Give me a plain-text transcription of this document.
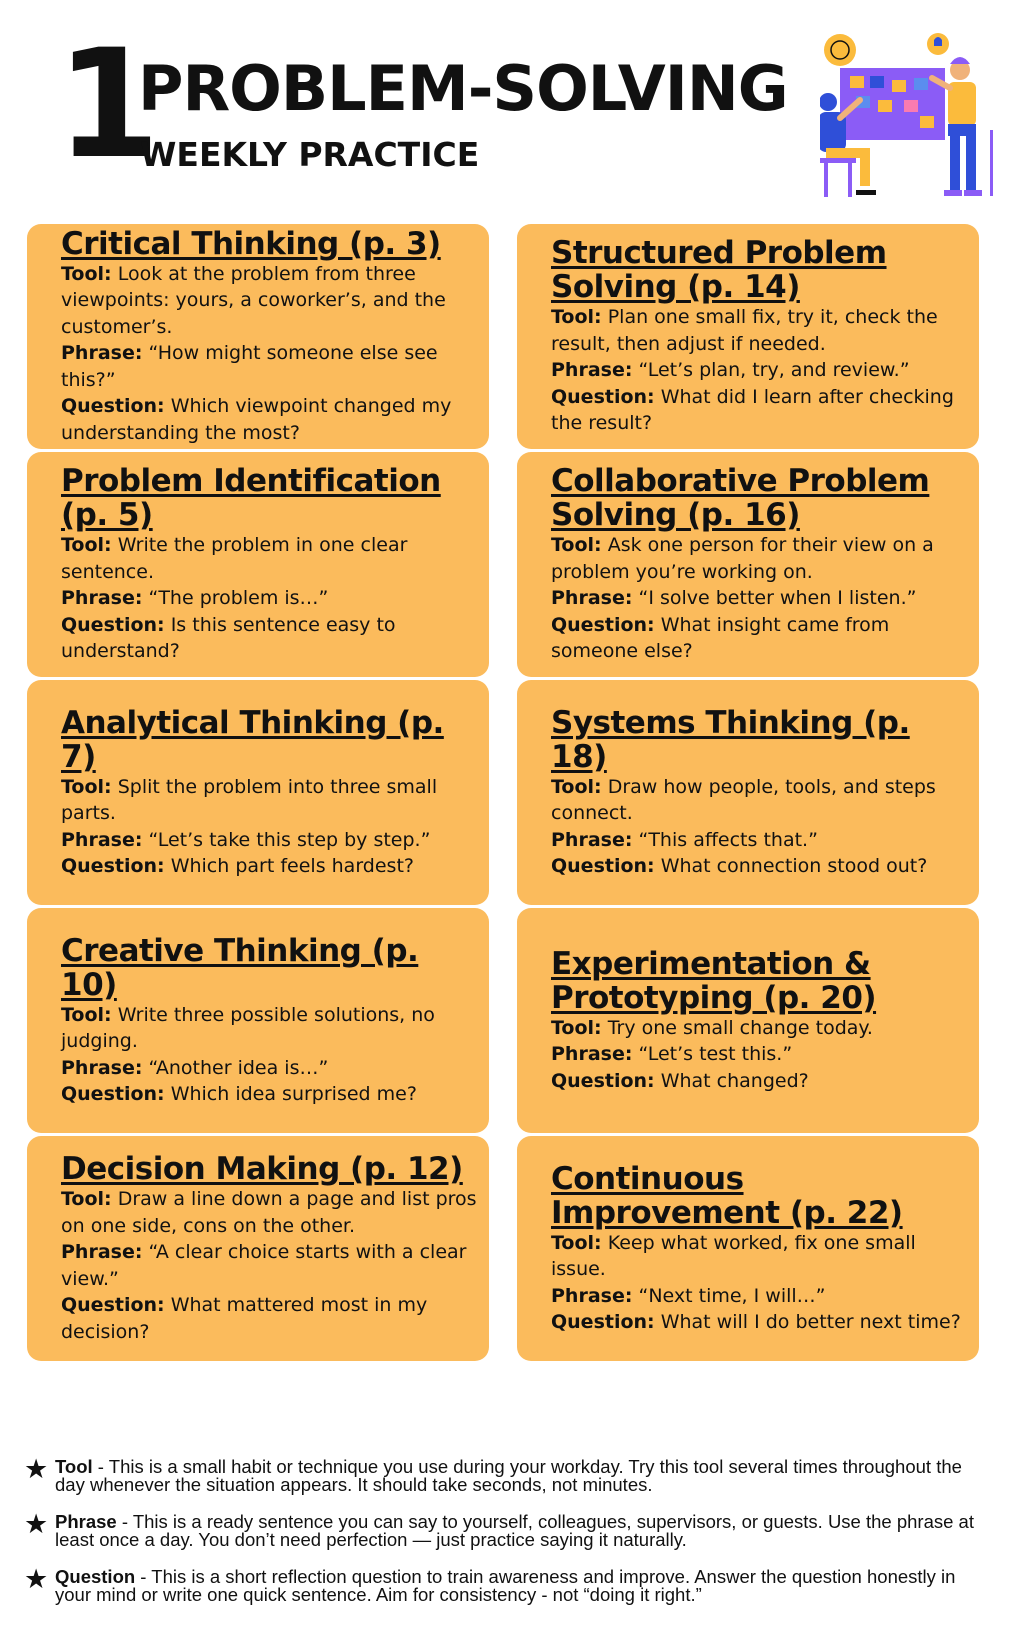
1
PROBLEM-SOLVING
WEEKLY PRACTICE
Critical Thinking (p. 3)
Tool: Look at the problem from three viewpoints: yours, a coworker’s, and the customer’s.
Phrase: “How might someone else see this?”
Question: Which viewpoint changed my understanding the most?
Structured Problem Solving (p. 14)
Tool: Plan one small fix, try it, check the result, then adjust if needed.
Phrase: “Let’s plan, try, and review.”
Question: What did I learn after checking the result?
Problem Identification (p. 5)
Tool: Write the problem in one clear sentence.
Phrase: “The problem is…”
Question: Is this sentence easy to understand?
Collaborative Problem Solving (p. 16)
Tool: Ask one person for their view on a problem you’re working on.
Phrase: “I solve better when I listen.”
Question: What insight came from someone else?
Analytical Thinking (p. 7)
Tool: Split the problem into three small parts.
Phrase: “Let’s take this step by step.”
Question: Which part feels hardest?
Systems Thinking (p. 18)
Tool: Draw how people, tools, and steps connect.
Phrase: “This affects that.”
Question: What connection stood out?
Creative Thinking (p. 10)
Tool: Write three possible solutions, no judging.
Phrase: “Another idea is…”
Question: Which idea surprised me?
Experimentation & Prototyping (p. 20)
Tool: Try one small change today.
Phrase: “Let’s test this.”
Question: What changed?
Decision Making (p. 12)
Tool: Draw a line down a page and list pros on one side, cons on the other.
Phrase: “A clear choice starts with a clear view.”
Question: What mattered most in my decision?
Continuous Improvement (p. 22)
Tool: Keep what worked, fix one small issue.
Phrase: “Next time, I will…”
Question: What will I do better next time?
★ Tool - This is a small habit or technique you use during your workday. Try this tool several times throughout the day whenever the situation appears. It should take seconds, not minutes.
★ Phrase - This is a ready sentence you can say to yourself, colleagues, supervisors, or guests. Use the phrase at least once a day. You don’t need perfection — just practice saying it naturally.
★ Question - This is a short reflection question to train awareness and improve. Answer the question honestly in your mind or write one quick sentence. Aim for consistency - not “doing it right.”
